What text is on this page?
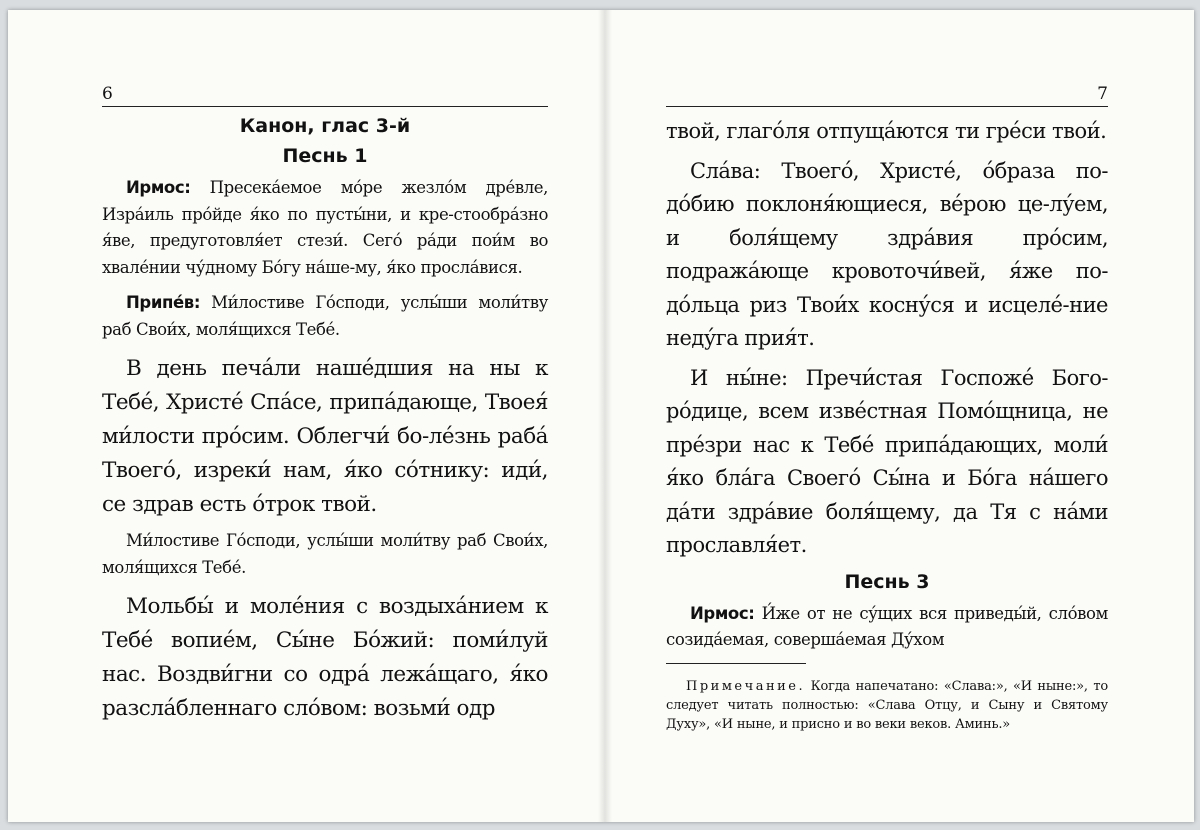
6
Канон, глас 3-й
Песнь 1

Ирмос: Пресека́емое мо́ре жезло́м дре́вле, Изра́иль про́йде я́ко по пусты́ни, и кре-стообра́зно я́ве, предуготовля́ет стези́. Сего́ ра́ди пои́м во хвале́нии чу́дному Бо́гу на́ше-му, я́ко просла́вися.

Припе́в: Ми́лостиве Го́споди, услы́ши моли́тву раб Свои́х, моля́щихся Тебе́.

В день печа́ли наше́дшия на ны к Тебе́, Христе́ Спа́се, припа́дающе, Твоея́ ми́лости про́сим. Облегчи́ бо-ле́знь раба́ Твоего́, изреки́ нам, я́ко со́тнику: иди́, се здрав есть о́трок твой.

Ми́лостиве Го́споди, услы́ши моли́тву раб Свои́х, моля́щихся Тебе́.

Мольбы́ и моле́ния с воздыха́нием к Тебе́ вопие́м, Сы́не Бо́жий: поми́луй нас. Воздви́гни со одра́ лежа́щаго, я́ко разсла́бленнаго сло́вом: возьми́ одр

7

твой, глаго́ля отпуща́ются ти гре́си твои́.

Сла́ва: Твоего́, Христе́, о́браза по-до́бию поклоня́ющиеся, ве́рою це-лу́ем, и боля́щему здра́вия про́сим, подража́юще кровоточи́вей, я́же по-до́льца риз Твои́х косну́ся и исцеле́-ние неду́га прия́т.

И ны́не: Пречи́стая Госпоже́ Бого-ро́дице, всем изве́стная Помо́щница, не пре́зри нас к Тебе́ припа́дающих, моли́ я́ко бла́га Своего́ Сы́на и Бо́га на́шего да́ти здра́вие боля́щему, да Тя с на́ми прославля́ет.

Песнь 3

Ирмос: И́же от не су́щих вся приведы́й, сло́вом созида́емая, соверша́емая Ду́хом

Примечание. Когда напечатано: «Слава:», «И ныне:», то следует читать полностью: «Слава Отцу, и Сыну и Святому Духу», «И ныне, и присно и во веки веков. Аминь.»
